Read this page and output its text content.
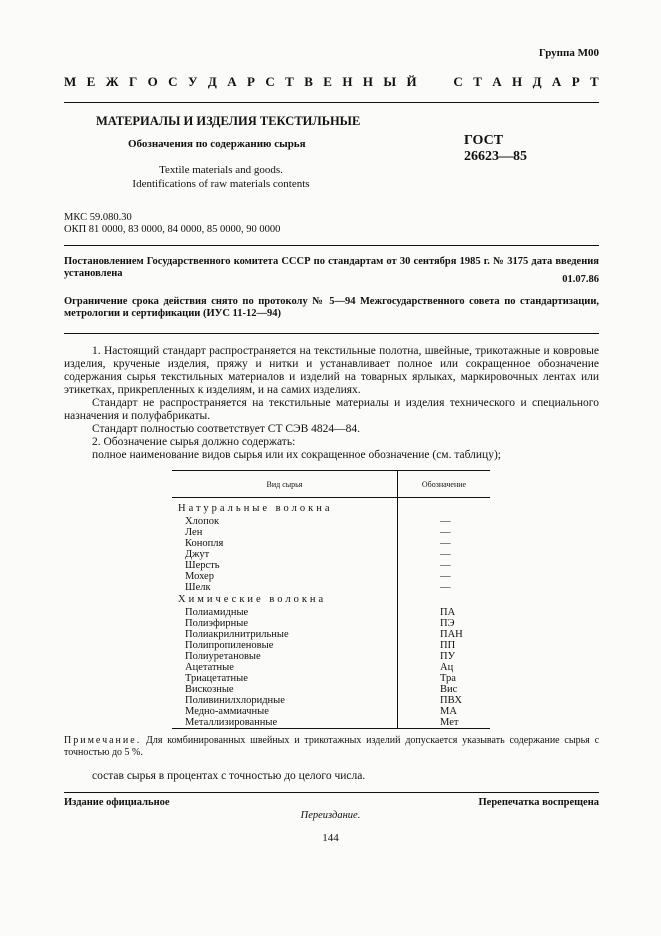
Группа М00
М Е Ж Г О С У Д А Р С Т В Е Н Н Ы Й	С Т А Н Д А Р Т
МАТЕРИАЛЫ И ИЗДЕЛИЯ ТЕКСТИЛЬНЫЕ
Обозначения по содержанию сырья
Textile materials and goods.
Identifications of raw materials contents
ГОСТ
26623—85
МКС 59.080.30
ОКП 81 0000, 83 0000, 84 0000, 85 0000, 90 0000
Постановлением Государственного комитета СССР по стандартам от 30 сентября 1985 г. № 3175 дата введения установлена
01.07.86
Ограничение срока действия снято по протоколу № 5—94 Межгосударственного совета по стандартизации, метрологии и сертификации (ИУС 11-12—94)

1. Настоящий стандарт распространяется на текстильные полотна, швейные, трикотажные и ковровые изделия, крученые изделия, пряжу и нитки и устанавливает полное или сокращенное обозначение содержания сырья текстильных материалов и изделий на товарных ярлыках, маркировочных лентах или этикетках, прикрепленных к изделиям, и на самих изделиях.

Стандарт не распространяется на текстильные материалы и изделия технического и специального назначения и полуфабрикаты.

Стандарт полностью соответствует СТ СЭВ 4824—84.

2. Обозначение сырья должно содержать:

полное наименование видов сырья или их сокращенное обозначение (см. таблицу);

Вид сырья	Обозначение
Натуральные волокна	
Хлопок	—
Лен	—
Конопля	—
Джут	—
Шерсть	—
Мохер	—
Шелк	—
Химические волокна	
Полиамидные	ПА
Полиэфирные	ПЭ
Полиакрилнитрильные	ПАН
Полипропиленовые	ПП
Полиуретановые	ПУ
Ацетатные	Ац
Триацетатные	Тра
Вискозные	Вис
Поливинилхлоридные	ПВХ
Медно-аммиачные	МА
Металлизированные	Мет
Примечание. Для комбинированных швейных и трикотажных изделий допускается указывать содержание сырья с точностью до 5 %.
состав сырья в процентах с точностью до целого числа.
Издание официальное	Перепечатка воспрещена
Переиздание.
144
